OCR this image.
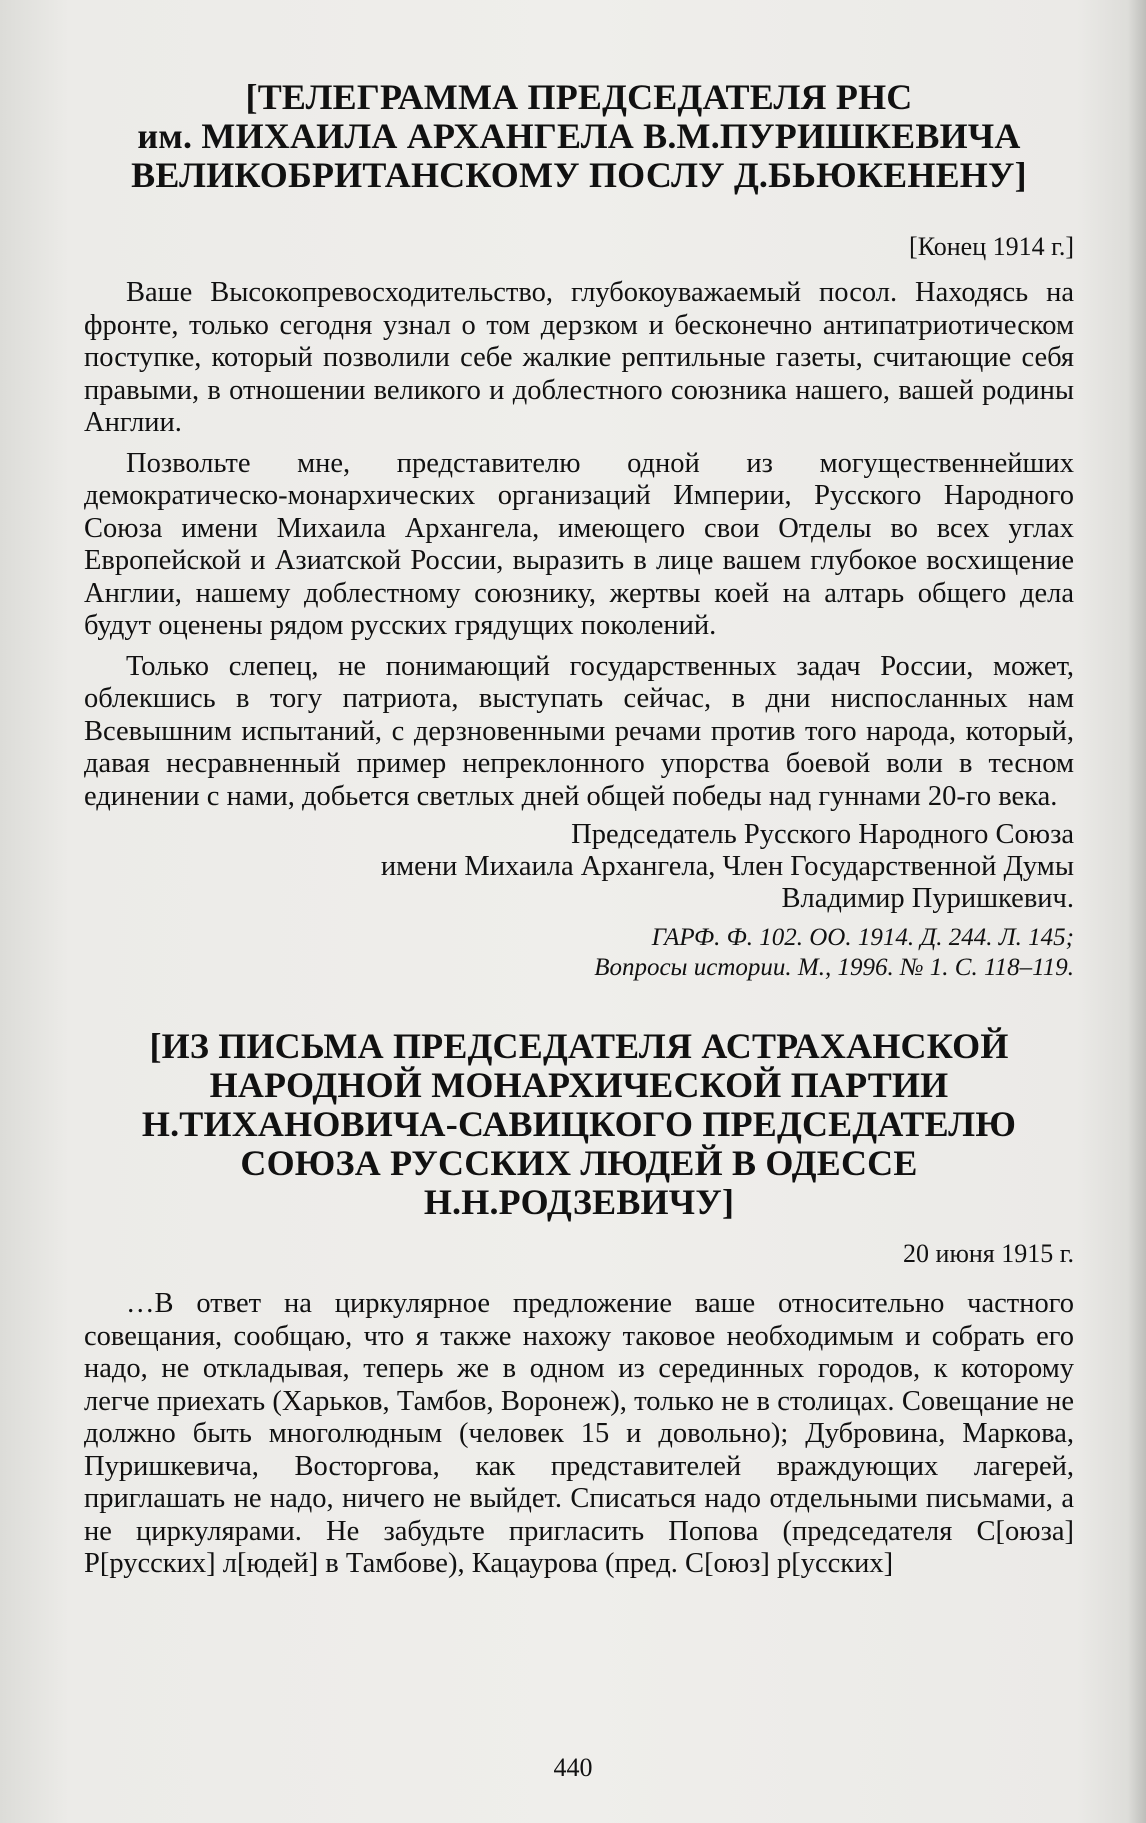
[ТЕЛЕГРАММА ПРЕДСЕДАТЕЛЯ РНС
им. МИХАИЛА АРХАНГЕЛА В.М.ПУРИШКЕВИЧА
ВЕЛИКОБРИТАНСКОМУ ПОСЛУ Д.БЬЮКЕНЕНУ]
[Конец 1914 г.]

Ваше Высокопревосходительство, глубокоуважаемый посол. Находясь на фронте, только сегодня узнал о том дерзком и бесконечно антипатриотическом поступке, который позволили себе жалкие рептильные газеты, считающие себя правыми, в отношении великого и доблестного союзника нашего, вашей родины Англии.

Позвольте мне, представителю одной из могущественнейших демократическо-монархических организаций Империи, Русского Народного Союза имени Михаила Архангела, имеющего свои Отделы во всех углах Европейской и Азиатской России, выразить в лице вашем глубокое восхищение Англии, нашему доблестному союзнику, жертвы коей на алтарь общего дела будут оценены рядом русских грядущих поколений.

Только слепец, не понимающий государственных задач России, может, облекшись в тогу патриота, выступать сейчас, в дни ниспосланных нам Всевышним испытаний, с дерзновенными речами против того народа, который, давая несравненный пример непреклонного упорства боевой воли в тесном единении с нами, добьется светлых дней общей победы над гуннами 20-го века.

Председатель Русского Народного Союза
имени Михаила Архангела, Член Государственной Думы
Владимир Пуришкевич.
ГАРФ. Ф. 102. ОО. 1914. Д. 244. Л. 145;
Вопросы истории. М., 1996. № 1. С. 118–119.
[ИЗ ПИСЬМА ПРЕДСЕДАТЕЛЯ АСТРАХАНСКОЙ
НАРОДНОЙ МОНАРХИЧЕСКОЙ ПАРТИИ
Н.ТИХАНОВИЧА-САВИЦКОГО ПРЕДСЕДАТЕЛЮ
СОЮЗА РУССКИХ ЛЮДЕЙ В ОДЕССЕ Н.Н.РОДЗЕВИЧУ]
20 июня 1915 г.

…В ответ на циркулярное предложение ваше относительно частного совещания, сообщаю, что я также нахожу таковое необходимым и собрать его надо, не откладывая, теперь же в одном из серединных городов, к которому легче приехать (Харьков, Тамбов, Воронеж), только не в столицах. Совещание не должно быть многолюдным (человек 15 и довольно); Дубровина, Маркова, Пуришкевича, Восторгова, как представителей враждующих лагерей, приглашать не надо, ничего не выйдет. Списаться надо отдельными письмами, а не циркулярами. Не забудьте пригласить Попова (председателя С[оюза] Р[русских] л[юдей] в Тамбове), Кацаурова (пред. С[оюз] р[усских]

440
